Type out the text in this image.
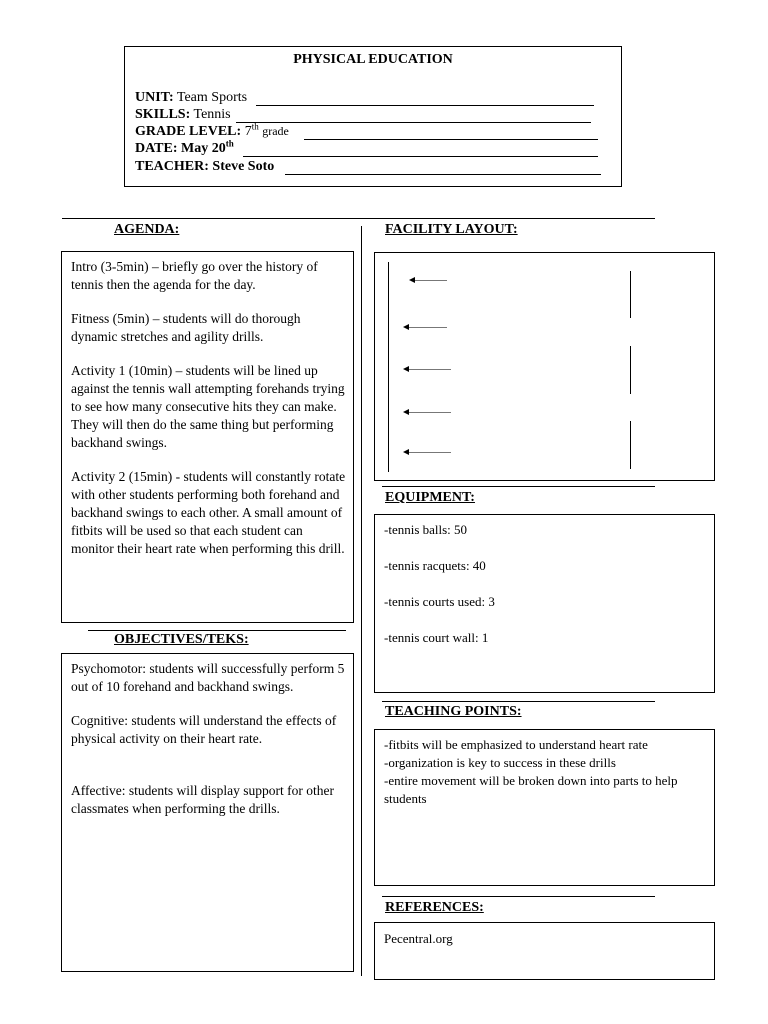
PHYSICAL EDUCATION
UNIT: Team Sports
SKILLS: Tennis
GRADE LEVEL: 7th grade
DATE: May 20th
TEACHER: Steve Soto
AGENDA:

Intro (3-5min) – briefly go over the history of tennis then the agenda for the day.

Fitness (5min) – students will do thorough dynamic stretches and agility drills.

Activity 1 (10min) – students will be lined up against the tennis wall attempting forehands trying to see how many consecutive hits they can make. They will then do the same thing but performing backhand swings.

Activity 2 (15min) - students will constantly rotate with other students performing both forehand and backhand swings to each other. A small amount of fitbits will be used so that each student can monitor their heart rate when performing this drill.

OBJECTIVES/TEKS:

Psychomotor: students will successfully perform 5 out of 10 forehand and backhand swings.

Cognitive: students will understand the effects of physical activity on their heart rate.

Affective: students will display support for other classmates when performing the drills.

FACILITY LAYOUT:
EQUIPMENT:

-tennis balls: 50

-tennis racquets: 40

-tennis courts used: 3

-tennis court wall: 1

TEACHING POINTS:

-fitbits will be emphasized to understand heart rate

-organization is key to success in these drills

-entire movement will be broken down into parts to help students

REFERENCES:

Pecentral.org
